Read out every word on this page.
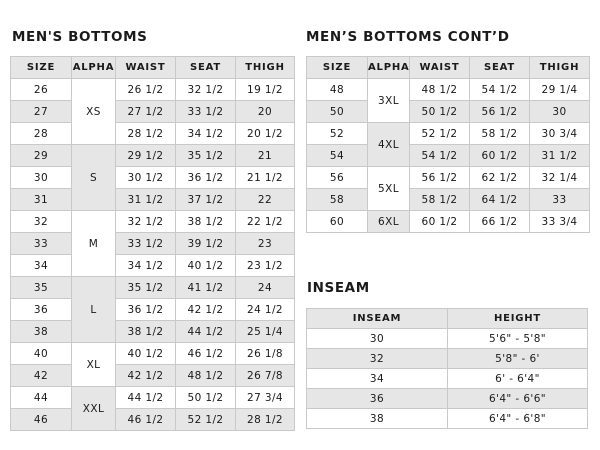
MEN'S BOTTOMS
SIZE	ALPHA	WAIST	SEAT	THIGH
26	XS	26 1/2	32 1/2	19 1/2
27		27 1/2	33 1/2	20
28		28 1/2	34 1/2	20 1/2
29	S	29 1/2	35 1/2	21
30		30 1/2	36 1/2	21 1/2
31		31 1/2	37 1/2	22
32	M	32 1/2	38 1/2	22 1/2
33		33 1/2	39 1/2	23
34		34 1/2	40 1/2	23 1/2
35	L	35 1/2	41 1/2	24
36		36 1/2	42 1/2	24 1/2
38		38 1/2	44 1/2	25 1/4
40	XL	40 1/2	46 1/2	26 1/8
42		42 1/2	48 1/2	26 7/8
44	XXL	44 1/2	50 1/2	27 3/4
46		46 1/2	52 1/2	28 1/2
MEN’S BOTTOMS CONT’D
SIZE	ALPHA	WAIST	SEAT	THIGH
48	3XL	48 1/2	54 1/2	29 1/4
50		50 1/2	56 1/2	30
52	4XL	52 1/2	58 1/2	30 3/4
54		54 1/2	60 1/2	31 1/2
56	5XL	56 1/2	62 1/2	32 1/4
58		58 1/2	64 1/2	33
60	6XL	60 1/2	66 1/2	33 3/4
INSEAM
INSEAM	HEIGHT
30	5'6" - 5'8"
32	5'8" - 6'
34	6' - 6'4"
36	6'4" - 6'6"
38	6'4" - 6'8"
